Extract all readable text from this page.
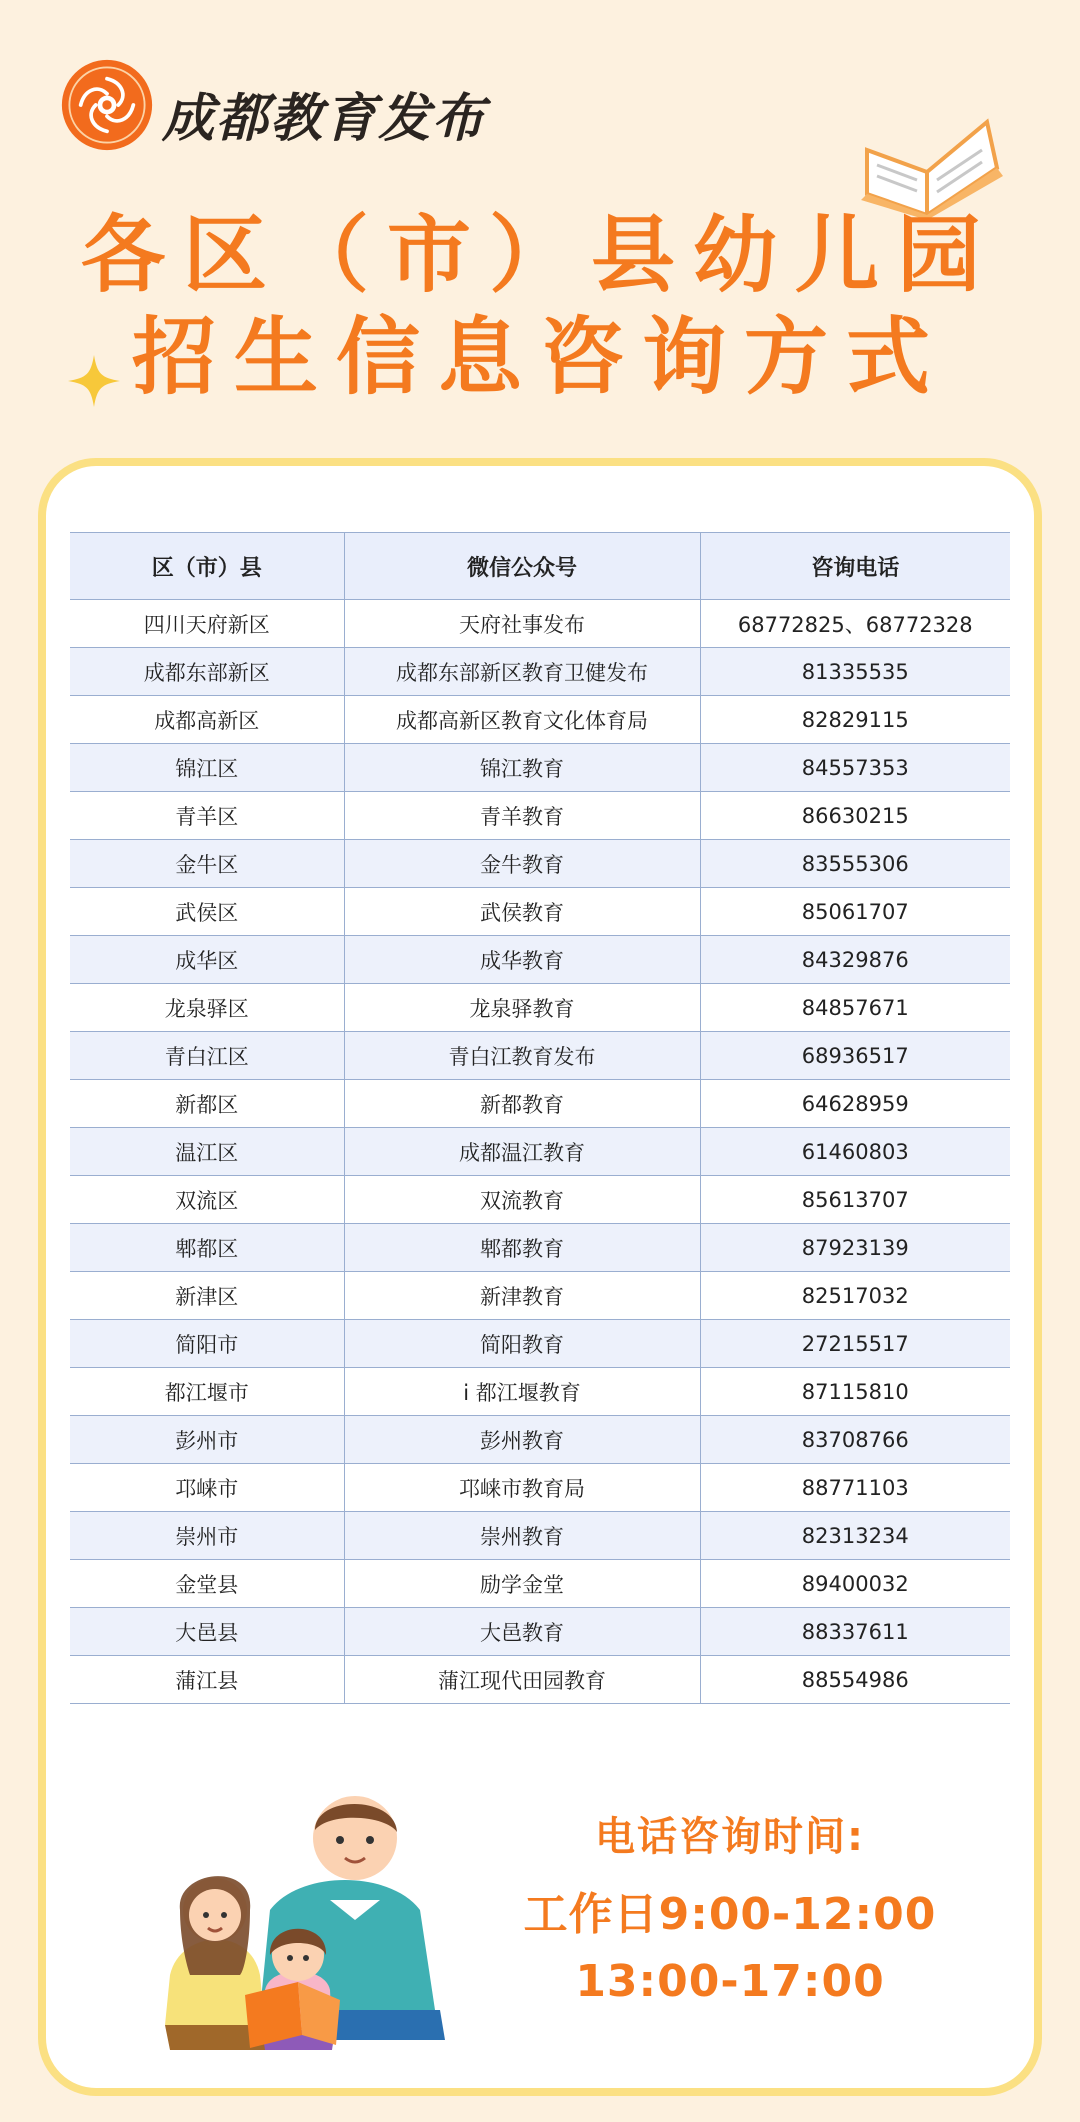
成都教育发布
各区（市）县幼儿园
招生信息咨询方式
区（市）县	微信公众号	咨询电话
四川天府新区	天府社事发布	68772825、68772328
成都东部新区	成都东部新区教育卫健发布	81335535
成都高新区	成都高新区教育文化体育局	82829115
锦江区	锦江教育	84557353
青羊区	青羊教育	86630215
金牛区	金牛教育	83555306
武侯区	武侯教育	85061707
成华区	成华教育	84329876
龙泉驿区	龙泉驿教育	84857671
青白江区	青白江教育发布	68936517
新都区	新都教育	64628959
温江区	成都温江教育	61460803
双流区	双流教育	85613707
郫都区	郫都教育	87923139
新津区	新津教育	82517032
简阳市	简阳教育	27215517
都江堰市	i 都江堰教育	87115810
彭州市	彭州教育	83708766
邛崃市	邛崃市教育局	88771103
崇州市	崇州教育	82313234
金堂县	励学金堂	89400032
大邑县	大邑教育	88337611
蒲江县	蒲江现代田园教育	88554986
电话咨询时间:
工作日9:00-12:00
13:00-17:00
